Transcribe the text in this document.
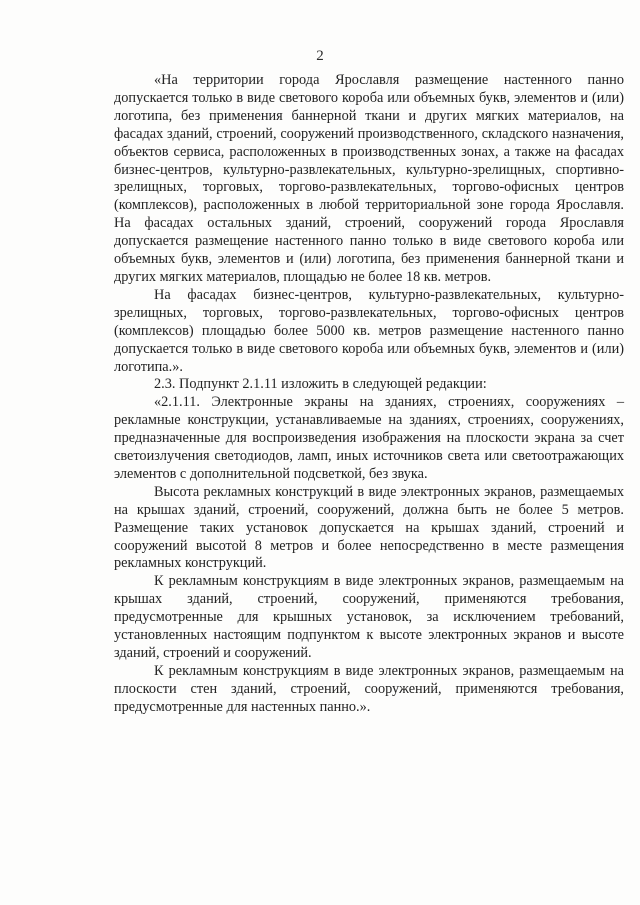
2

«На территории города Ярославля размещение настенного панно допускается только в виде светового короба или объемных букв, элементов и (или) логотипа, без применения баннерной ткани и других мягких материалов, на фасадах зданий, строений, сооружений производственного, складского назначения, объектов сервиса, расположенных в производственных зонах, а также на фасадах бизнес-центров, культурно-развлекательных, культурно-зрелищных, спортивно-зрелищных, торговых, торгово-развлекательных, торгово-офисных центров (комплексов), расположенных в любой территориальной зоне города Ярославля. На фасадах остальных зданий, строений, сооружений города Ярославля допускается размещение настенного панно только в виде светового короба или объемных букв, элементов и (или) логотипа, без применения баннерной ткани и других мягких материалов, площадью не более 18 кв. метров.

На фасадах бизнес-центров, культурно-развлекательных, культурно-зрелищных, торговых, торгово-развлекательных, торгово-офисных центров (комплексов) площадью более 5000 кв. метров размещение настенного панно допускается только в виде светового короба или объемных букв, элементов и (или) логотипа.».

2.3. Подпункт 2.1.11 изложить в следующей редакции:

«2.1.11. Электронные экраны на зданиях, строениях, сооружениях – рекламные конструкции, устанавливаемые на зданиях, строениях, сооружениях, предназначенные для воспроизведения изображения на плоскости экрана за счет светоизлучения светодиодов, ламп, иных источников света или светоотражающих элементов с дополнительной подсветкой, без звука.

Высота рекламных конструкций в виде электронных экранов, размещаемых на крышах зданий, строений, сооружений, должна быть не более 5 метров. Размещение таких установок допускается на крышах зданий, строений и сооружений высотой 8 метров и более непосредственно в месте размещения рекламных конструкций.

К рекламным конструкциям в виде электронных экранов, размещаемым на крышах зданий, строений, сооружений, применяются требования, предусмотренные для крышных установок, за исключением требований, установленных настоящим подпунктом к высоте электронных экранов и высоте зданий, строений и сооружений.

К рекламным конструкциям в виде электронных экранов, размещаемым на плоскости стен зданий, строений, сооружений, применяются требования, предусмотренные для настенных панно.».
